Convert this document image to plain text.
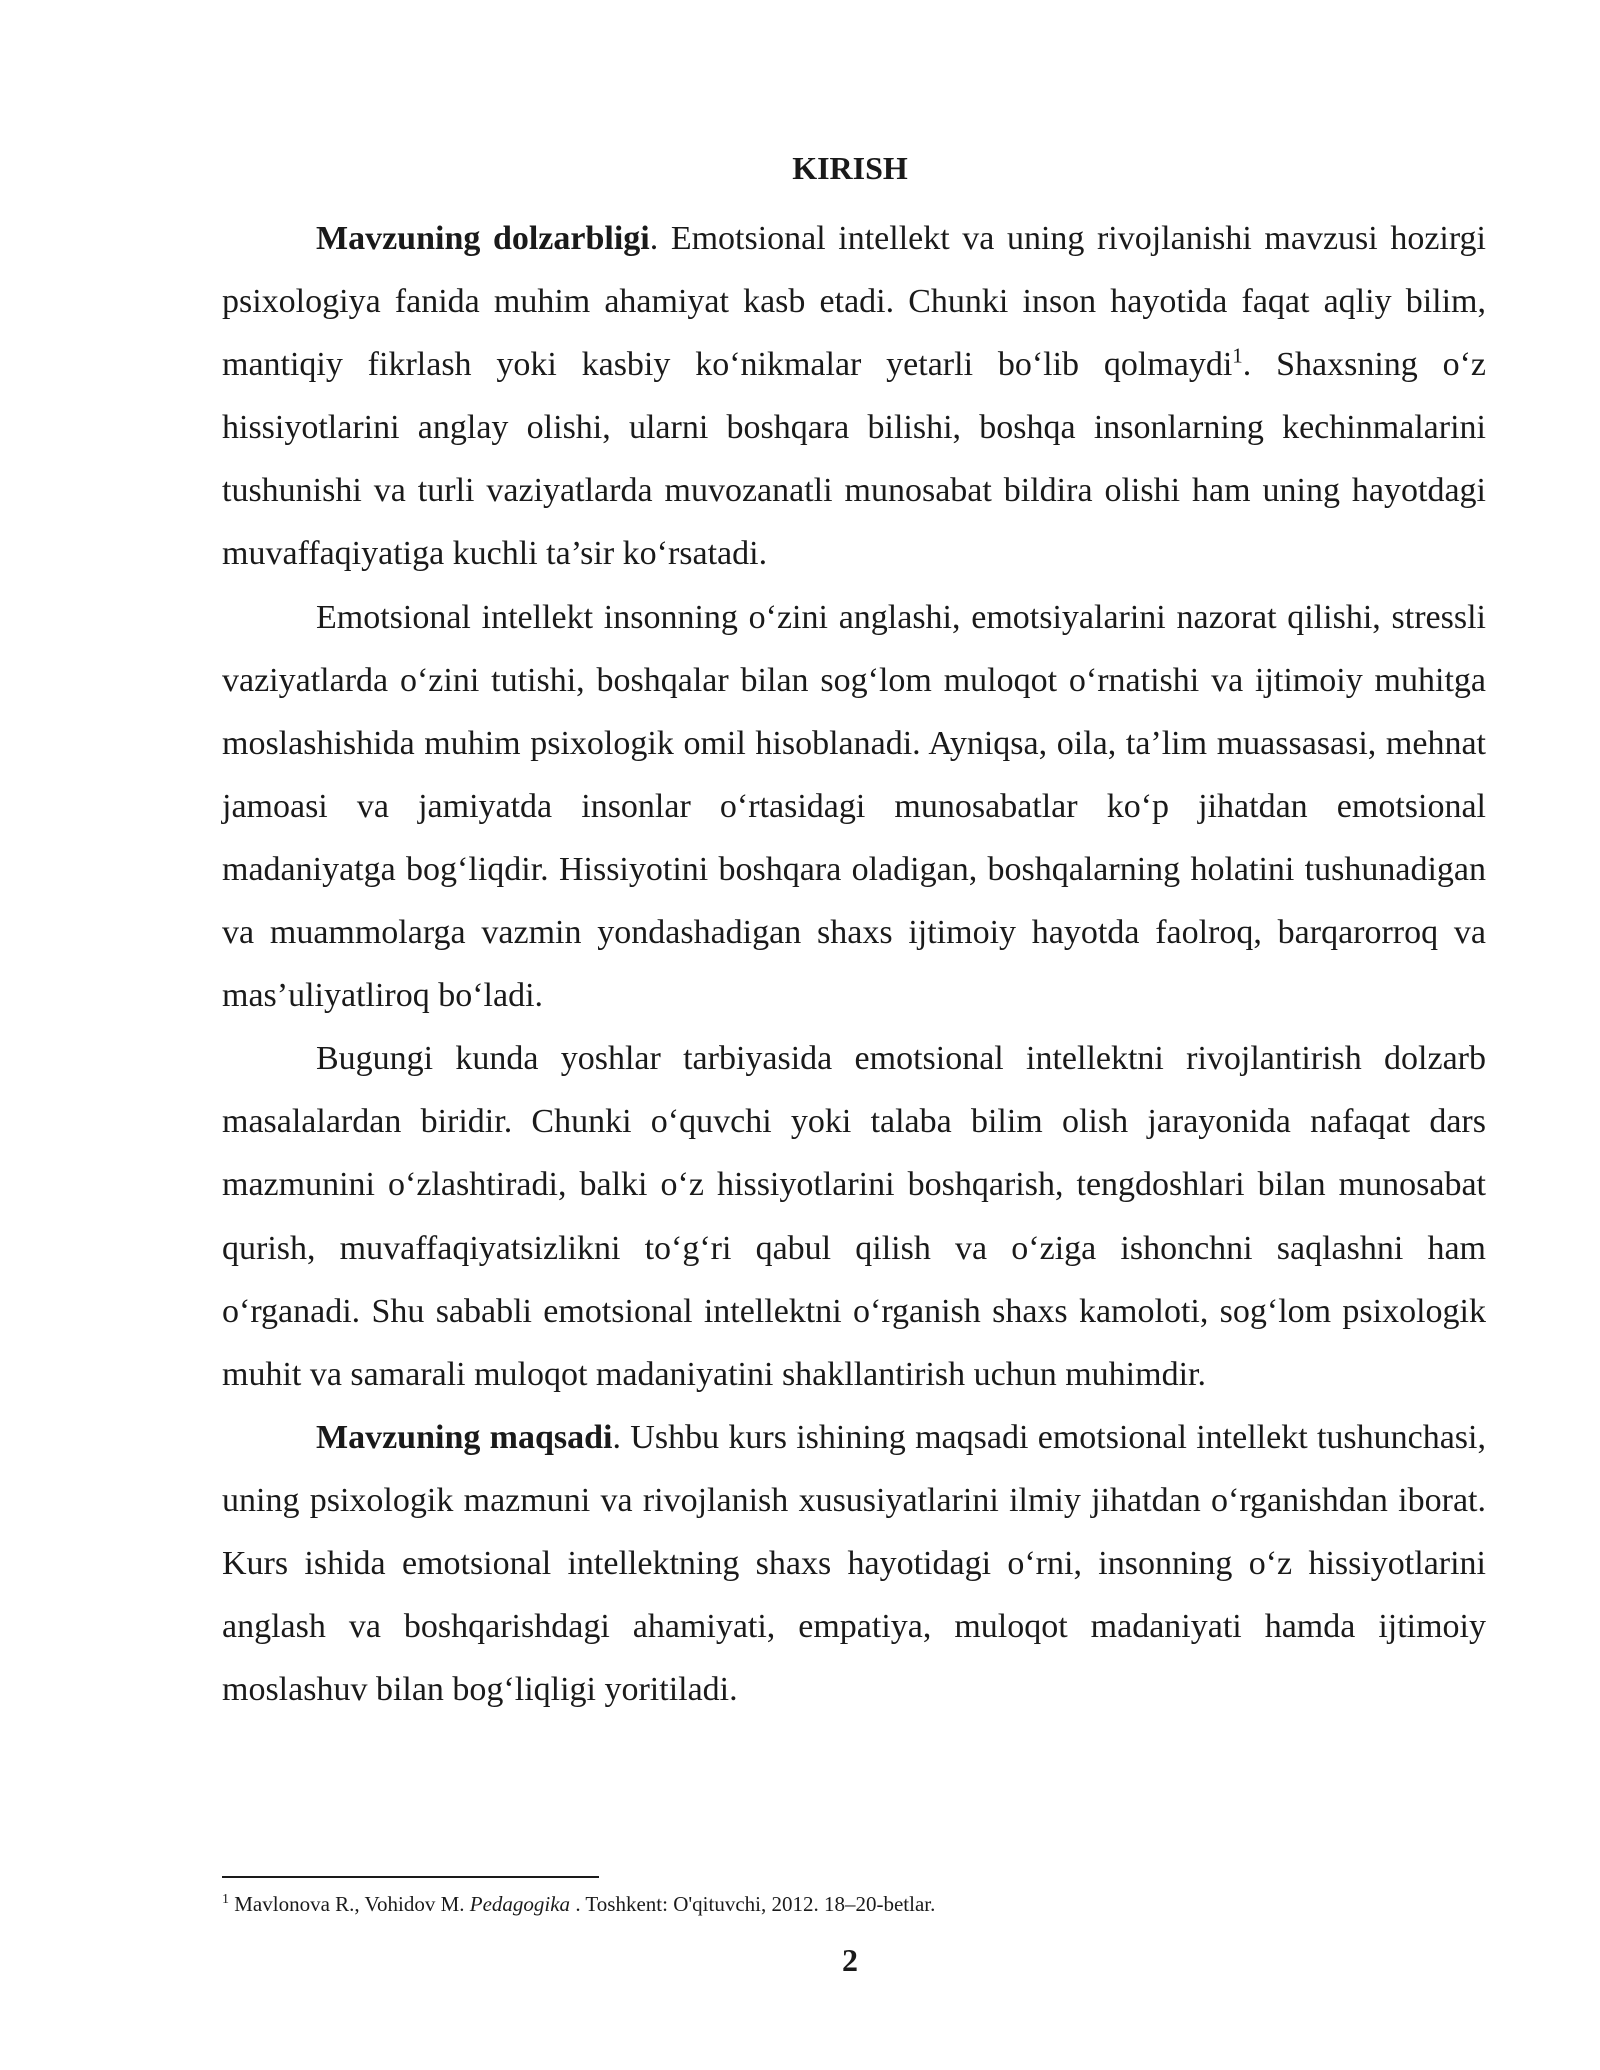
KIRISH

Mavzuning dolzarbligi. Emotsional intellekt va uning rivojlanishi mavzusi hozirgi psixologiya fanida muhim ahamiyat kasb etadi. Chunki inson hayotida faqat aqliy bilim, mantiqiy fikrlash yoki kasbiy koʻnikmalar yetarli boʻlib qolmaydi$^1$. Shaxsning oʻz hissiyotlarini anglay olishi, ularni boshqara bilishi, boshqa insonlarning kechinmalarini tushunishi va turli vaziyatlarda muvozanatli munosabat bildira olishi ham uning hayotdagi muvaffaqiyatiga kuchli ta’sir koʻrsatadi.

Emotsional intellekt insonning oʻzini anglashi, emotsiyalarini nazorat qilishi, stressli vaziyatlarda oʻzini tutishi, boshqalar bilan sogʻlom muloqot oʻrnatishi va ijtimoiy muhitga moslashishida muhim psixologik omil hisoblanadi. Ayniqsa, oila, ta’lim muassasasi, mehnat jamoasi va jamiyatda insonlar oʻrtasidagi munosabatlar koʻp jihatdan emotsional madaniyatga bogʻliqdir. Hissiyotini boshqara oladigan, boshqalarning holatini tushunadigan va muammolarga vazmin yondashadigan shaxs ijtimoiy hayotda faolroq, barqarorroq va mas’uliyatliroq boʻladi.

Bugungi kunda yoshlar tarbiyasida emotsional intellektni rivojlantirish dolzarb masalalardan biridir. Chunki oʻquvchi yoki talaba bilim olish jarayonida nafaqat dars mazmunini oʻzlashtiradi, balki oʻz hissiyotlarini boshqarish, tengdoshlari bilan munosabat qurish, muvaffaqiyatsizlikni toʻgʻri qabul qilish va oʻziga ishonchni saqlashni ham oʻrganadi. Shu sababli emotsional intellektni oʻrganish shaxs kamoloti, sogʻlom psixologik muhit va samarali muloqot madaniyatini shakllantirish uchun muhimdir.

Mavzuning maqsadi. Ushbu kurs ishining maqsadi emotsional intellekt tushunchasi, uning psixologik mazmuni va rivojlanish xususiyatlarini ilmiy jihatdan oʻrganishdan iborat. Kurs ishida emotsional intellektning shaxs hayotidagi oʻrni, insonning oʻz hissiyotlarini anglash va boshqarishdagi ahamiyati, empatiya, muloqot madaniyati hamda ijtimoiy moslashuv bilan bogʻliqligi yoritiladi.

$^1$ Mavlonova R., Vohidov M. Pedagogika . Toshkent: O'qituvchi, 2012. 18–20-betlar.

2
